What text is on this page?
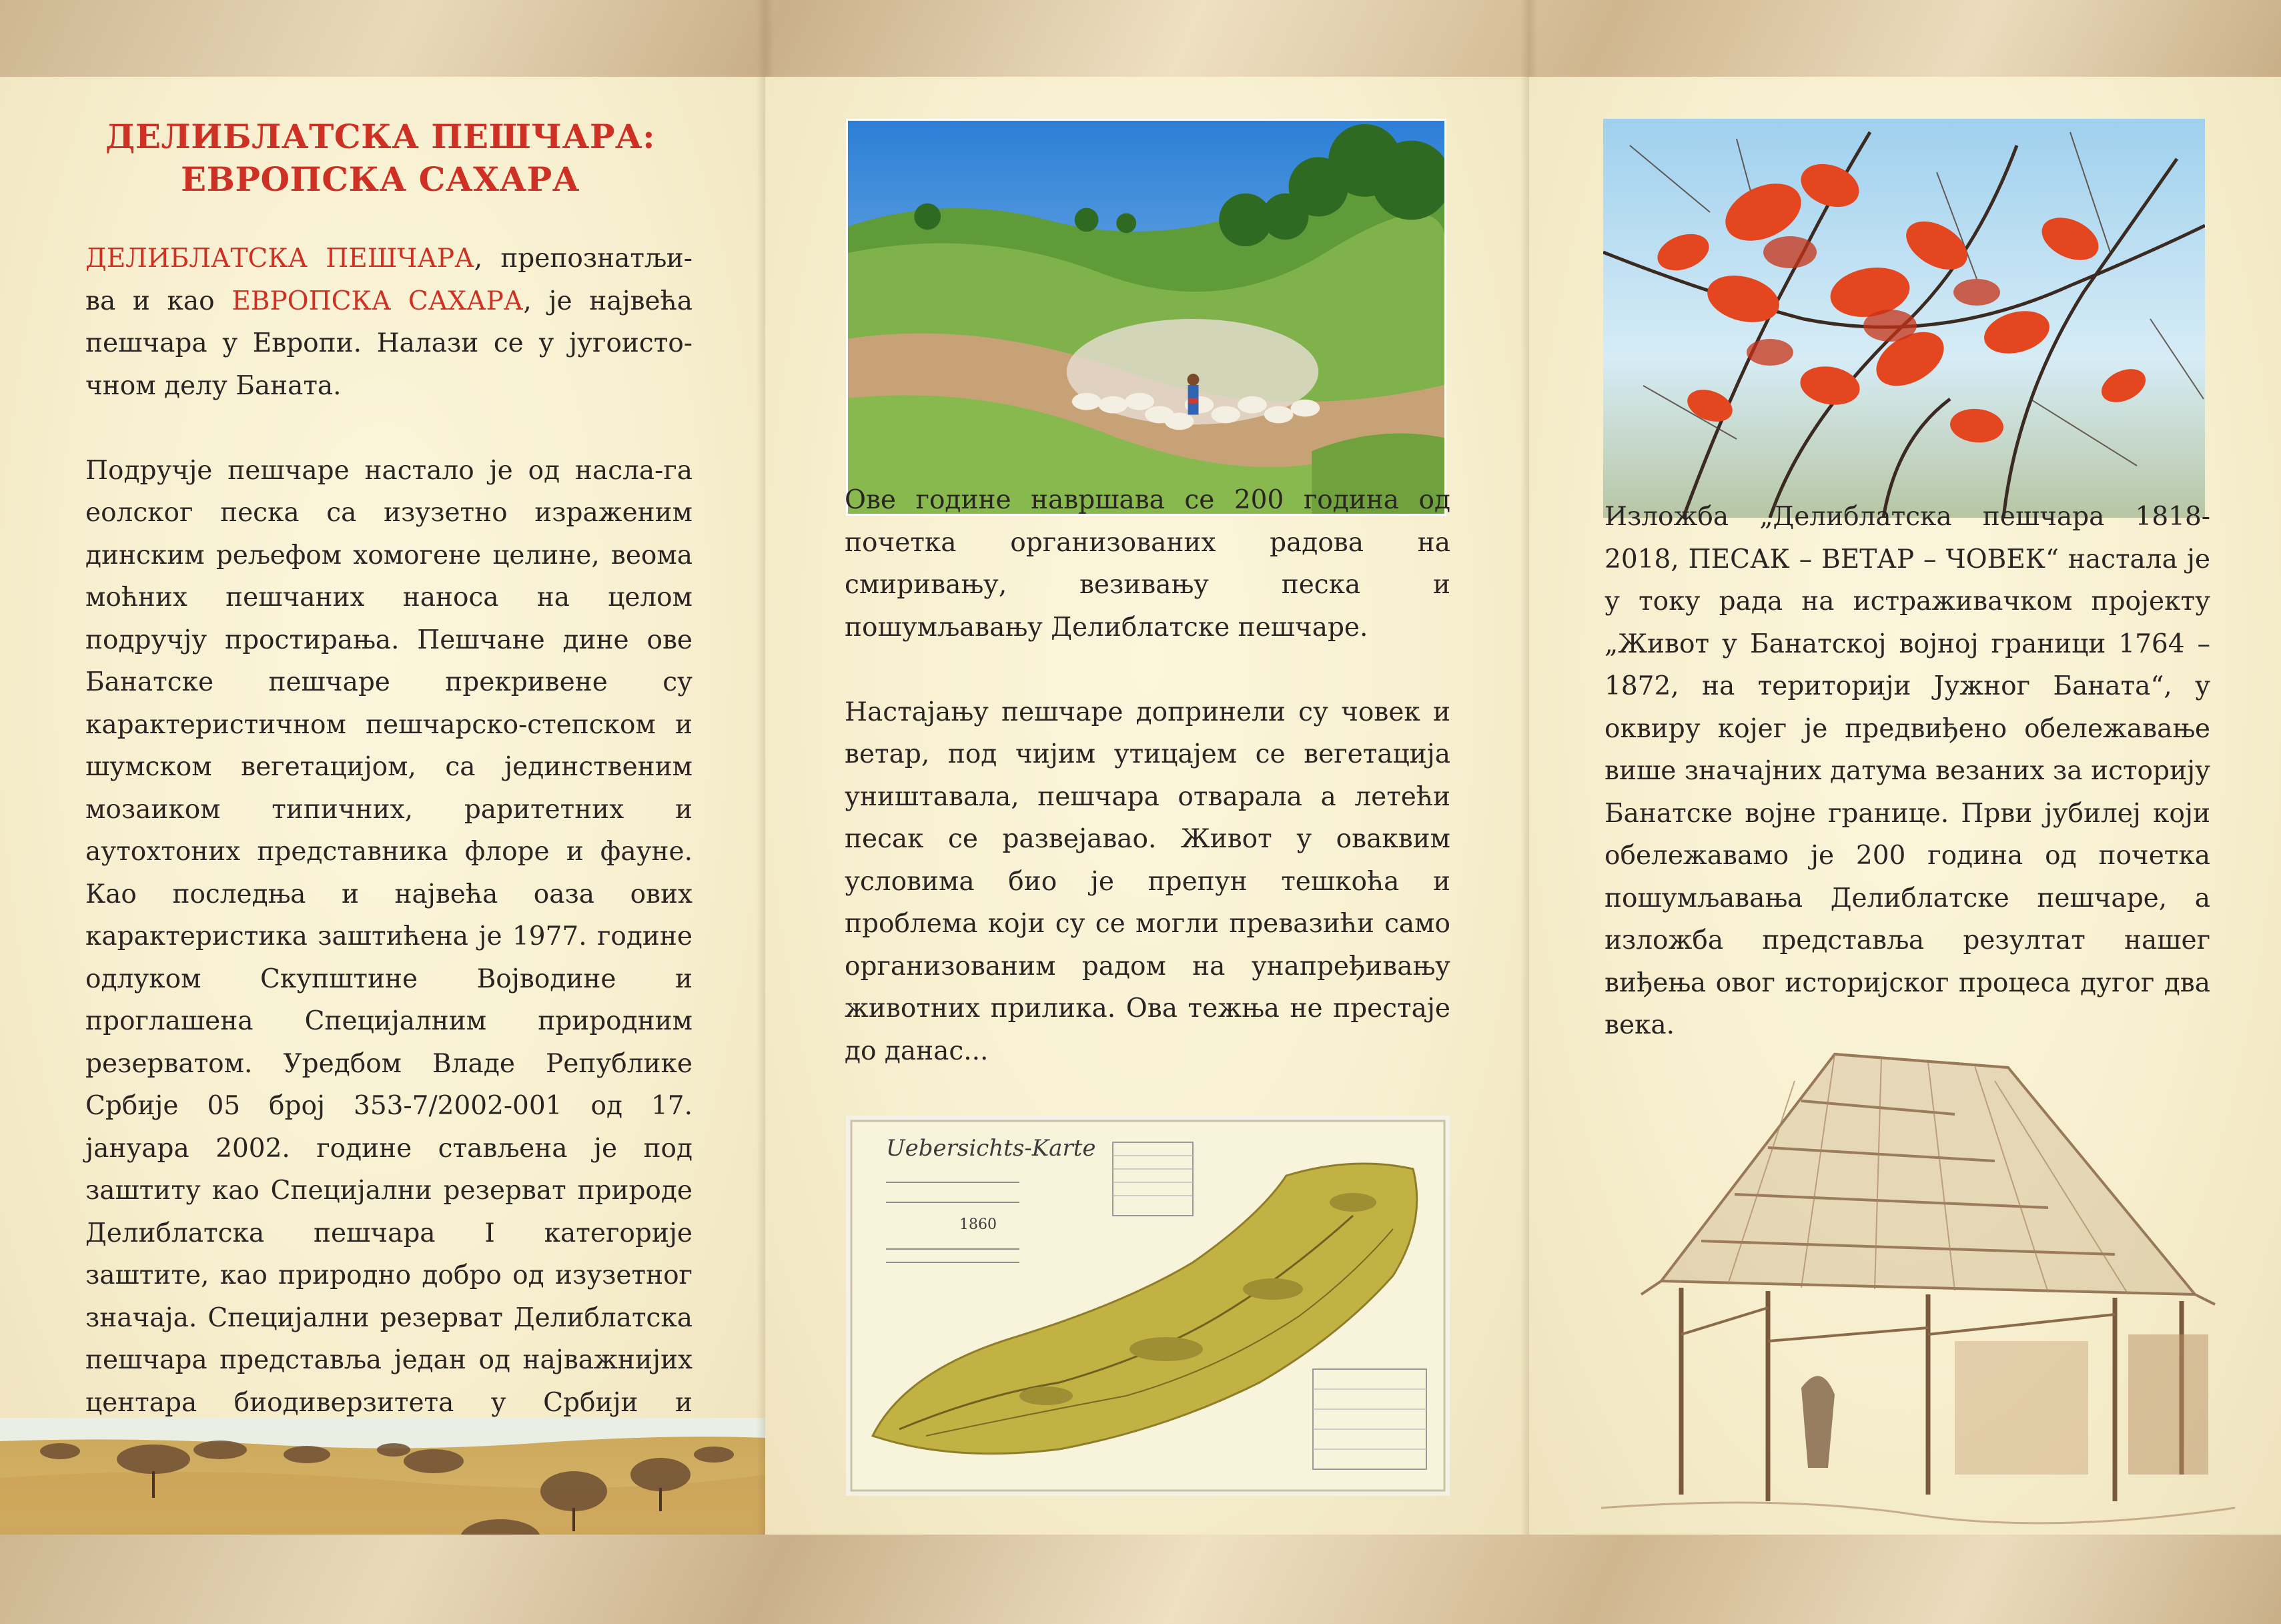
ДЕЛИБЛАТСКА ПЕШЧАРА:
ЕВРОПСКА САХАРА

ДЕЛИБЛАТСКА ПЕШЧАРА, препознатљи-ва и као ЕВРОПСКА САХАРА, је највећа пешчара у Европи. Налази се у југоисто-чном делу Баната.

Подручје пешчаре настало је од насла-га еолског песка са изузетно израженим динским рељефом хомогене целине, веома моћних пешчаних наноса на целом подручју простирања. Пешчане дине ове Банатске пешчаре прекривене су карактеристичном пешчарско-степском и шумском вегетацијом, са јединственим мозаиком типичних, раритетних и аутохтоних представника флоре и фауне. Као последња и највећа оаза ових карактеристика заштићена је 1977. године одлуком Скупштине Војводине и проглашена Специјалним природним резерватом. Уредбом Владе Републике Србије 05 број 353-7/2002-001 од 17. јануара 2002. године стављена је под заштиту као Специјални резерват природе Делиблатска пешчара I категорије заштите, као природно добро од изузетног значаја. Специјални резерват Делиблатска пешчара представља један од најважнијих центара биодиверзитета у Србији и

Ове године навршава се 200 година од почетка организованих радова на смиривању, везивању песка и пошумљавању Делиблатске пешчаре.

Настајању пешчаре допринели су човек и ветар, под чијим утицајем се вегетација уништавала, пешчара отварала а летећи песак се развејавао. Живот у оваквим условима био је препун тешкоћа и проблема који су се могли превазићи само организованим радом на унапређивању животних прилика. Ова тежња не престаје до данас...

Uebersichts-Karte
1860

Изложба „Делиблатска пешчара 1818- 2018, ПЕСАК – ВЕТАР – ЧОВЕК“ настала је у току рада на истраживачком пројекту „Живот у Банатској војној граници 1764 – 1872, на територији Јужног Баната“, у оквиру којег је предвиђено обележавање више значајних датума везаних за историју Банатске војне границе. Први јубилеј који обележавамо је 200 година од почетка пошумљавања Делиблатске пешчаре, а изложба представља резултат нашег виђења овог историјског процеса дугог два века.
